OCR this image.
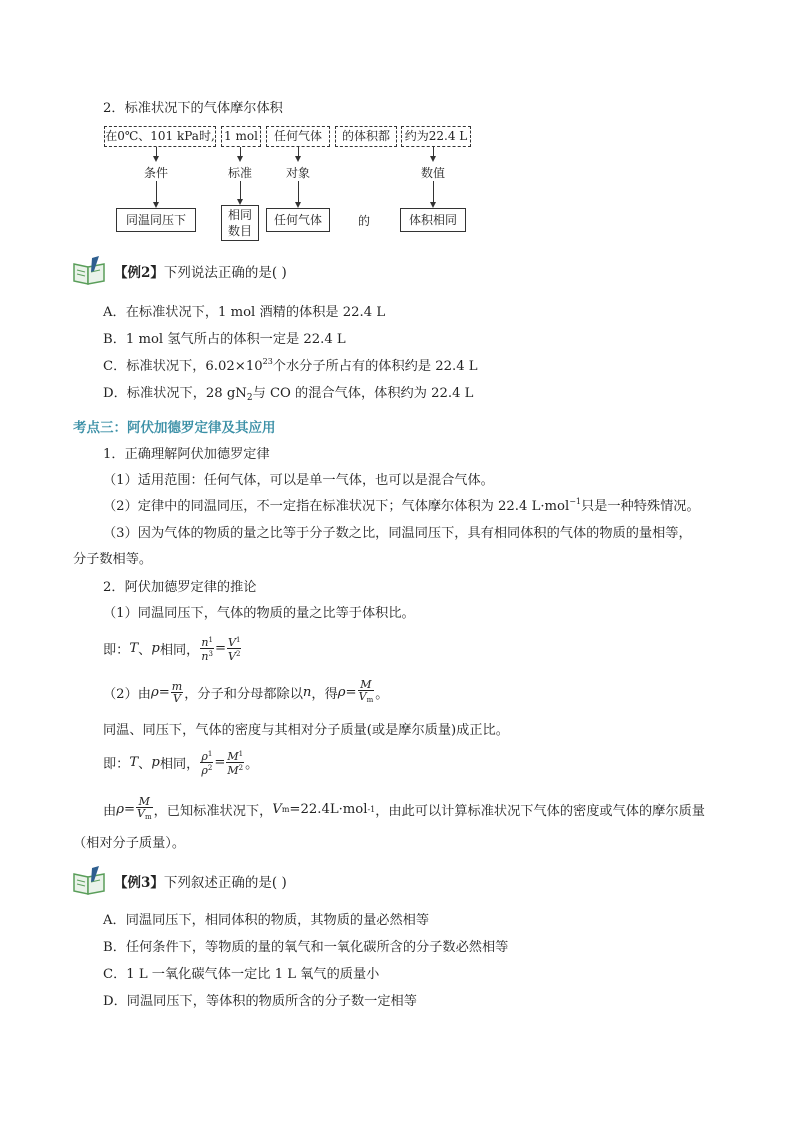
2．标准状况下的气体摩尔体积
在0℃、101 kPa时, 1 mol	任何气体	的体积都	约为22.4 L
条件	标准	对象	数值
同温同压下	相同
数目
任何气体	的	体积相同
【例2】下列说法正确的是( )
A．在标准状况下，1 mol 酒精的体积是 22.4 L
B．1 mol 氢气所占的体积一定是 22.4 L
C．标准状况下，$6.02\times 10^{23}$个水分子所占有的体积约是 22.4 L
D．标准状况下，28 $gN_2$与 CO 的混合气体，体积约为 22.4 L
考点三：阿伏加德罗定律及其应用
1．正确理解阿伏加德罗定律
（1）适用范围：任何气体，可以是单一气体，也可以是混合气体。
（2）定律中的同温同压，不一定指在标准状况下；气体摩尔体积为 22.4 L·mol$^{-1}$只是一种特殊情况。
（3）因为气体的物质的量之比等于分子数之比，同温同压下，具有相同体积的气体的物质的量相等，
分子数相等。
2．阿伏加德罗定律的推论
（1）同温同压下，气体的物质的量之比等于体积比。
即： T 、 p 相同， $\frac{n^1}{n^3} = \frac{V^1}{V^2}$
（2）由 $\rho = \frac{m}{V}$ ，分子和分母都除以 n ，得 $\rho = \frac{M}{V_m}$ 。
同温、同压下，气体的密度与其相对分子质量(或是摩尔质量)成正比。
即： T 、 p 相同， $\frac{\rho^1}{\rho^2} = \frac{M^1}{M^2}$ 。
由 $\rho = \frac{M}{V_m}$ ，已知标准状况下， V m =22.4L·mol -1 ，由此可以计算标准状况下气体的密度或气体的摩尔质量
（相对分子质量）。
【例3】下列叙述正确的是( )
A．同温同压下，相同体积的物质，其物质的量必然相等
B．任何条件下，等物质的量的氧气和一氧化碳所含的分子数必然相等
C．1 L 一氧化碳气体一定比 1 L 氧气的质量小
D．同温同压下，等体积的物质所含的分子数一定相等
